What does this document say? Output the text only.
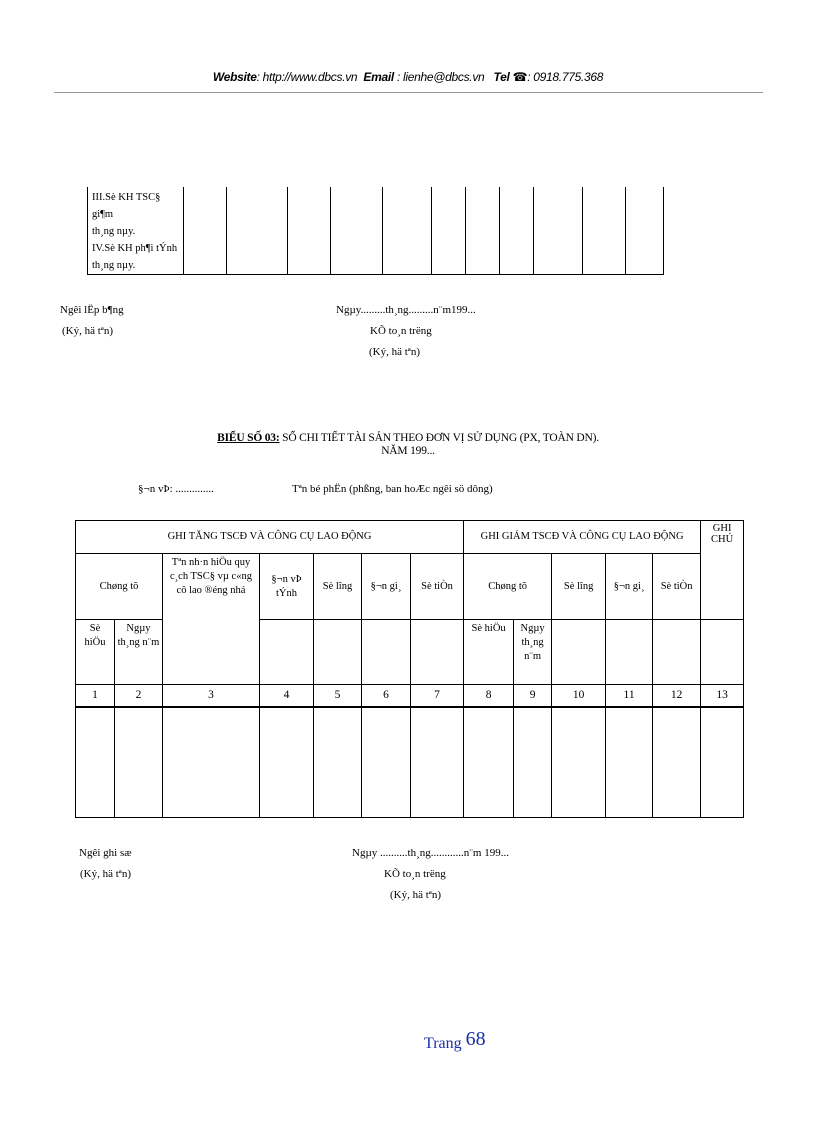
Website: http://www.dbcs.vn Email : lienhe@dbcs.vn Tel ☎: 0918.775.368
III.Sè KH TSC§ gi¶m
th¸ng nµy.
IV.Sè KH ph¶i tÝnh
th¸ng nµy.

Ngêi lËp b¶ng
(Ký, hä tªn)
Ngµy.........th¸ng.........n¨m199...
KÕ to¸n trëng
(Ký, hä tªn)
BIỂU SỐ 03: SỔ CHI TIẾT TÀI SẢN THEO ĐƠN VỊ SỬ DỤNG (PX, TOÀN DN).
NĂM 199...
§¬n vÞ: ..............	Tªn bé phËn (phßng, ban hoÆc ngêi sö dông)
GHI TĂNG TSCĐ VÀ CÔNG CỤ LAO ĐỘNG							GHI GIẢM TSCĐ VÀ CÔNG CỤ LAO ĐỘNG					GHI CHÚ
Chøng tõ		Tªn nh·n hiÖu quy c¸ch TSC§ vµ c«ng cô lao ®éng nhá	§¬n vÞ tÝnh	Sè lîng	§¬n gi¸	Sè tiÒn	Chøng tõ		Sè lîng	§¬n gi¸	Sè tiÒn	
Sè hiÖu	Ngµy th¸ng n¨m						Sè hiÖu	Ngµy th¸ng n¨m				
1	2	3	4	5	6	7	8	9	10	11	12	13

Ngêi ghi sæ
(Ký, hä tªn)
Ngµy ..........th¸ng............n¨m 199...
KÕ to¸n trëng
(Ký, hä tªn)
Trang 68
